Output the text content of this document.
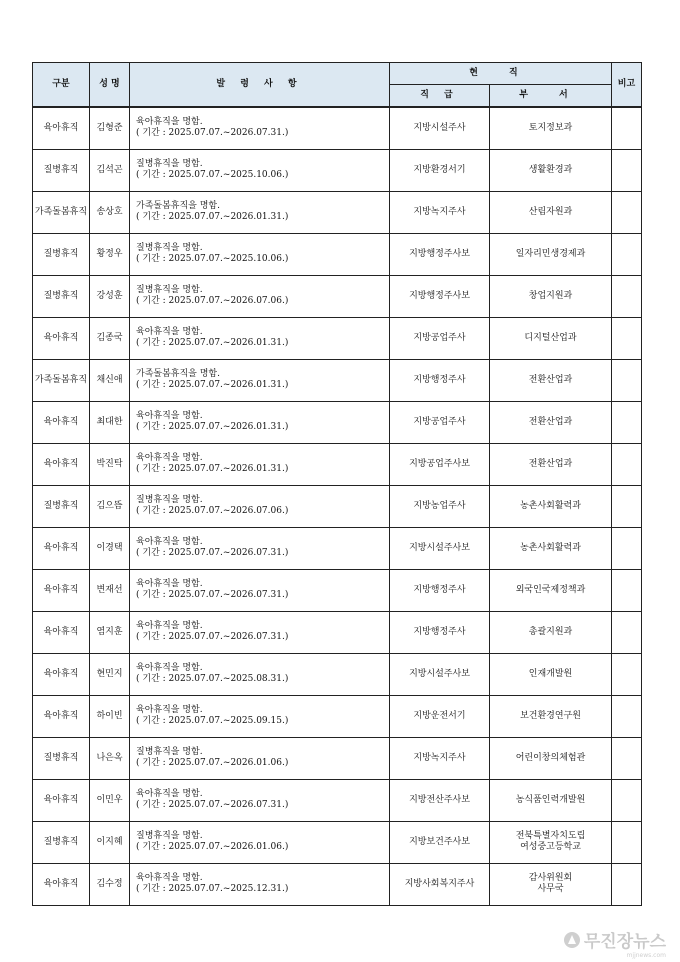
구분	성 명	발 령 사 항	현 직		비고
			직 급	부 서	
육아휴직	김형준	육아휴직을 명함.
( 기간 : 2025.07.07.~2026.07.31.)	지방시설주사	토지정보과	

질병휴직	김석곤	질병휴직을 명함.
( 기간 : 2025.07.07.~2025.10.06.)	지방환경서기	생활환경과	

가족돌봄휴직	송상호	가족돌봄휴직을 명함.
( 기간 : 2025.07.07.~2026.01.31.)	지방녹지주사	산림자원과	

질병휴직	황정우	질병휴직을 명함.
( 기간 : 2025.07.07.~2025.10.06.)	지방행정주사보	일자리민생경제과	

질병휴직	강성훈	질병휴직을 명함.
( 기간 : 2025.07.07.~2026.07.06.)	지방행정주사보	창업지원과	

육아휴직	김종국	육아휴직을 명함.
( 기간 : 2025.07.07.~2026.01.31.)	지방공업주사	디지털산업과	

가족돌봄휴직	채신애	가족돌봄휴직을 명함.
( 기간 : 2025.07.07.~2026.01.31.)	지방행정주사	전환산업과	

육아휴직	최대한	육아휴직을 명함.
( 기간 : 2025.07.07.~2026.01.31.)	지방공업주사	전환산업과	

육아휴직	박진탁	육아휴직을 명함.
( 기간 : 2025.07.07.~2026.01.31.)	지방공업주사보	전환산업과	

질병휴직	김으뜸	질병휴직을 명함.
( 기간 : 2025.07.07.~2026.07.06.)	지방농업주사	농촌사회활력과	

육아휴직	이경택	육아휴직을 명함.
( 기간 : 2025.07.07.~2026.07.31.)	지방시설주사보	농촌사회활력과	

육아휴직	변재선	육아휴직을 명함.
( 기간 : 2025.07.07.~2026.07.31.)	지방행정주사	외국인국제정책과	

육아휴직	염지훈	육아휴직을 명함.
( 기간 : 2025.07.07.~2026.07.31.)	지방행정주사	총괄지원과	

육아휴직	현민지	육아휴직을 명함.
( 기간 : 2025.07.07.~2025.08.31.)	지방시설주사보	인재개발원	

육아휴직	하이빈	육아휴직을 명함.
( 기간 : 2025.07.07.~2025.09.15.)	지방운전서기	보건환경연구원	

질병휴직	나은옥	질병휴직을 명함.
( 기간 : 2025.07.07.~2026.01.06.)	지방녹지주사	어린이창의체험관	

육아휴직	이민우	육아휴직을 명함.
( 기간 : 2025.07.07.~2026.07.31.)	지방전산주사보	농식품인력개발원	

질병휴직	이지혜	질병휴직을 명함.
( 기간 : 2025.07.07.~2026.01.06.)	지방보건주사보	전북특별자치도립
여성중고등학교	

육아휴직	김수정	육아휴직을 명함.
( 기간 : 2025.07.07.~2025.12.31.)	지방사회복지주사	감사위원회
사무국	

무진장뉴스
mjjnews.com
